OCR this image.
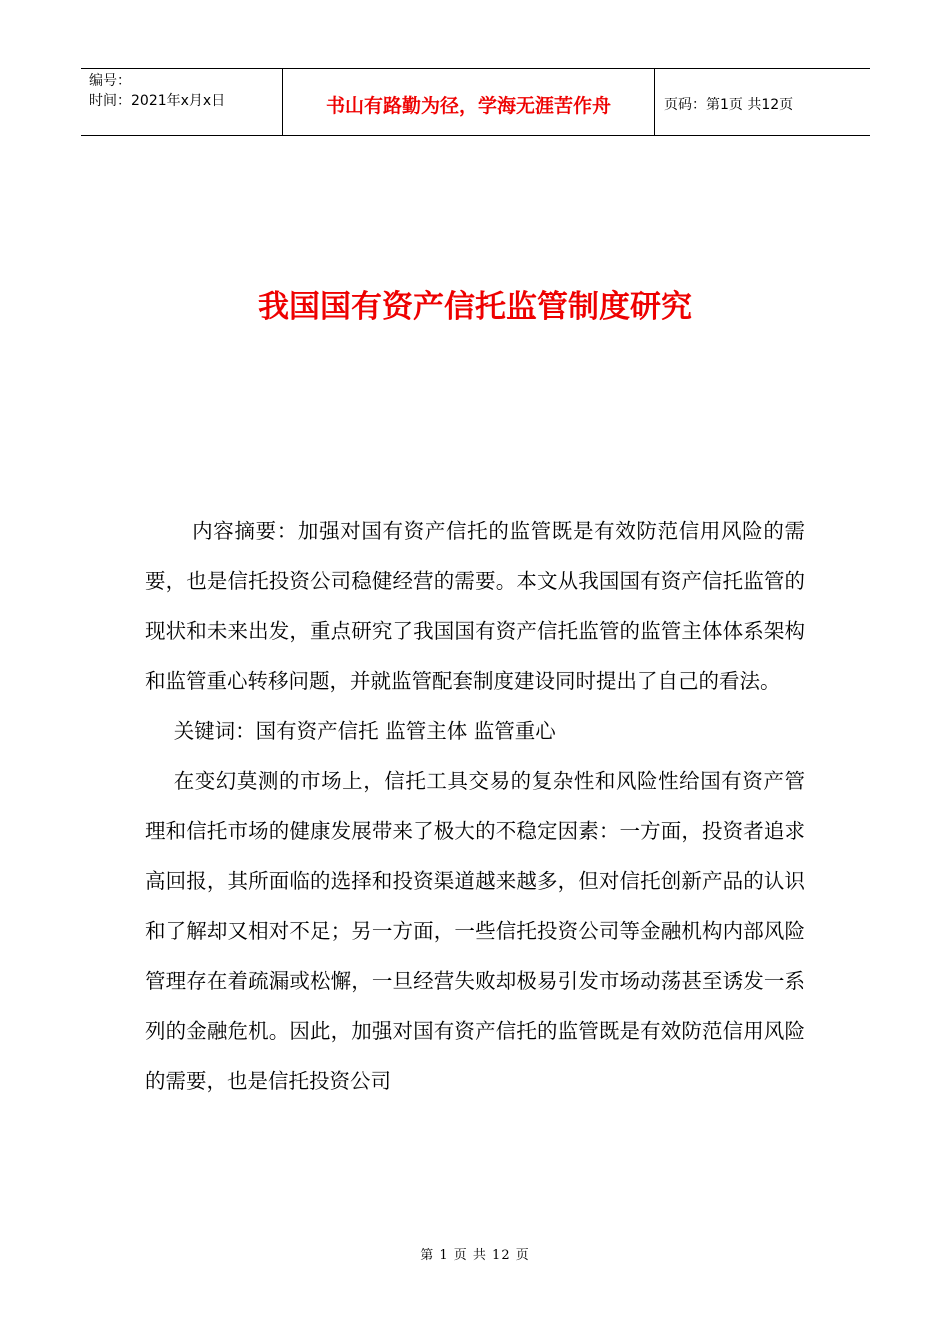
编号：
时间：2021年x月x日	书山有路勤为径，学海无涯苦作舟	页码：第1页 共12页
我国国有资产信托监管制度研究

内容摘要：加强对国有资产信托的监管既是有效防范信用风险的需要，也是信托投资公司稳健经营的需要。本文从我国国有资产信托监管的现状和未来出发，重点研究了我国国有资产信托监管的监管主体体系架构和监管重心转移问题，并就监管配套制度建设同时提出了自己的看法。

关键词：国有资产信托 监管主体 监管重心

在变幻莫测的市场上，信托工具交易的复杂性和风险性给国有资产管理和信托市场的健康发展带来了极大的不稳定因素：一方面，投资者追求高回报，其所面临的选择和投资渠道越来越多，但对信托创新产品的认识和了解却又相对不足；另一方面，一些信托投资公司等金融机构内部风险管理存在着疏漏或松懈，一旦经营失败却极易引发市场动荡甚至诱发一系列的金融危机。因此，加强对国有资产信托的监管既是有效防范信用风险的需要，也是信托投资公司

第 1 页 共 12 页
